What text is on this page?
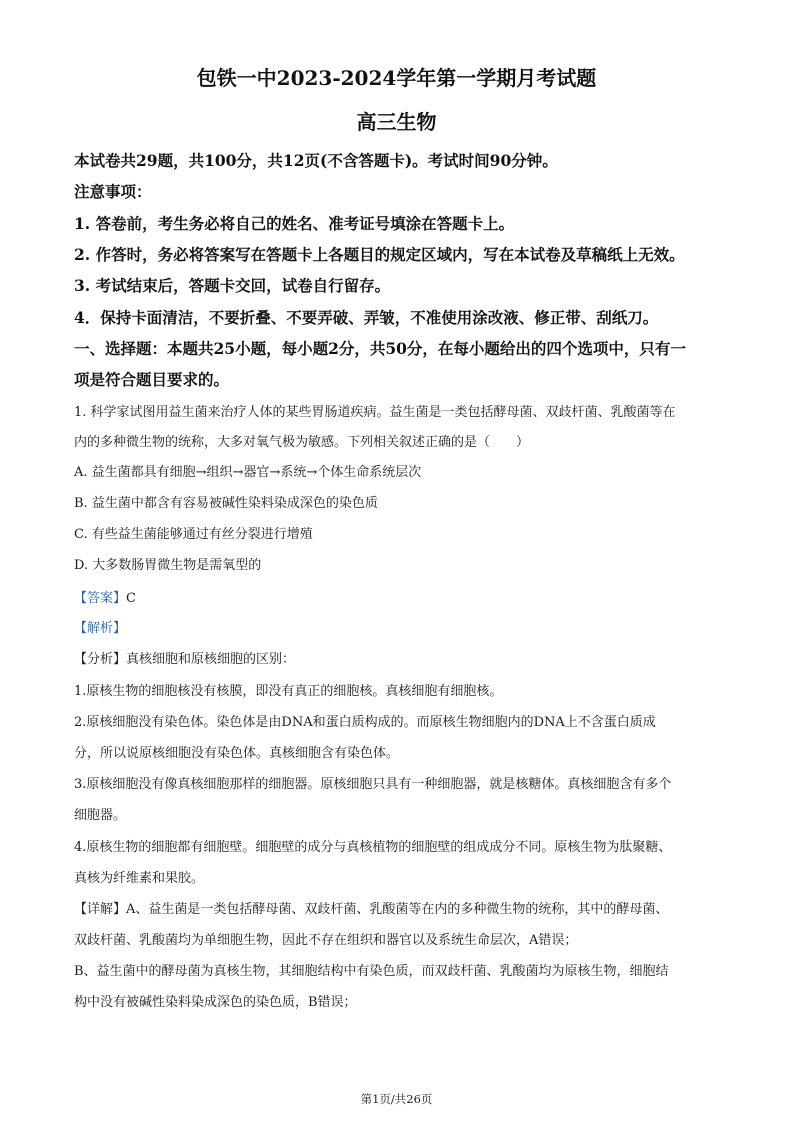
包铁一中2023-2024学年第一学期月考试题
高三生物
本试卷共29题，共100分，共12页(不含答题卡)。考试时间90分钟。
注意事项：
1. 答卷前，考生务必将自己的姓名、准考证号填涂在答题卡上。
2. 作答时，务必将答案写在答题卡上各题目的规定区域内，写在本试卷及草稿纸上无效。
3. 考试结束后，答题卡交回，试卷自行留存。
4．保持卡面清洁，不要折叠、不要弄破、弄皱，不准使用涂改液、修正带、刮纸刀。
一、选择题：本题共25小题，每小题2分，共50分，在每小题给出的四个选项中，只有一
项是符合题目要求的。
1. 科学家试图用益生菌来治疗人体的某些胃肠道疾病。益生菌是一类包括酵母菌、双歧杆菌、乳酸菌等在
内的多种微生物的统称，大多对氧气极为敏感。下列相关叙述正确的是（　　）
A. 益生菌都具有细胞→组织→器官→系统→个体生命系统层次
B. 益生菌中都含有容易被碱性染料染成深色的染色质
C. 有些益生菌能够通过有丝分裂进行增殖
D. 大多数肠胃微生物是需氧型的
【答案】C
【解析】
【分析】真核细胞和原核细胞的区别：
1.原核生物的细胞核没有核膜，即没有真正的细胞核。真核细胞有细胞核。
2.原核细胞没有染色体。染色体是由DNA和蛋白质构成的。而原核生物细胞内的DNA上不含蛋白质成
分，所以说原核细胞没有染色体。真核细胞含有染色体。
3.原核细胞没有像真核细胞那样的细胞器。原核细胞只具有一种细胞器，就是核糖体。真核细胞含有多个
细胞器。
4.原核生物的细胞都有细胞壁。细胞壁的成分与真核植物的细胞壁的组成成分不同。原核生物为肽聚糖、
真核为纤维素和果胶。
【详解】A、益生菌是一类包括酵母菌、双歧杆菌、乳酸菌等在内的多种微生物的统称，其中的酵母菌、
双歧杆菌、乳酸菌均为单细胞生物，因此不存在组织和器官以及系统生命层次，A错误；
B、益生菌中的酵母菌为真核生物，其细胞结构中有染色质，而双歧杆菌、乳酸菌均为原核生物，细胞结
构中没有被碱性染料染成深色的染色质，B错误；
第1页/共26页
